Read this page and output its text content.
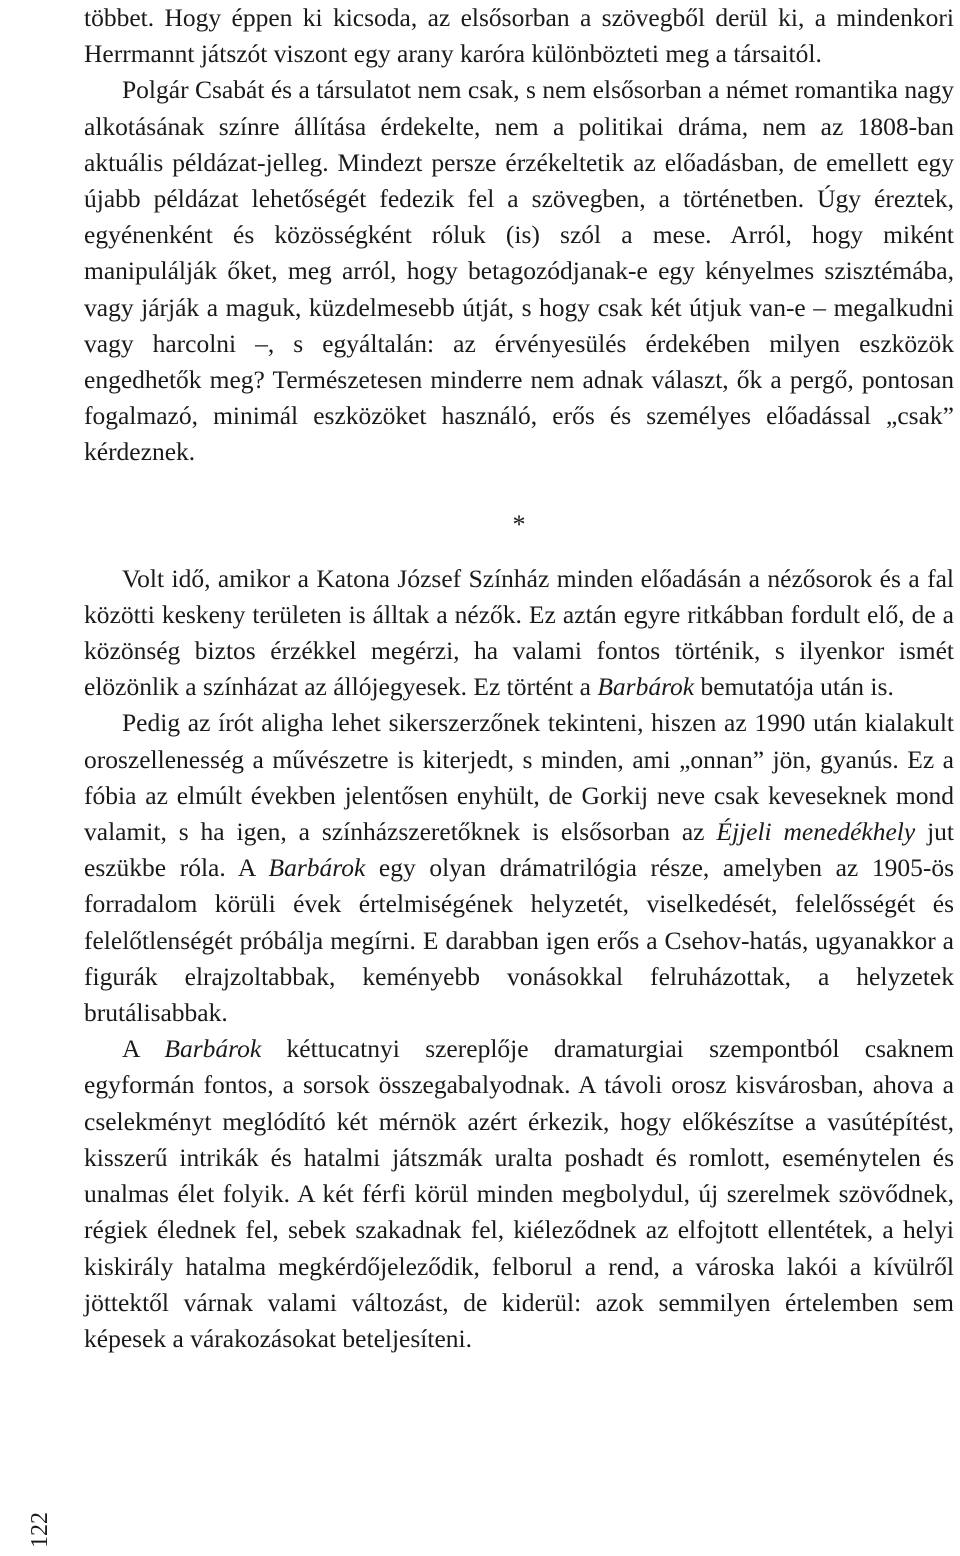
többet. Hogy éppen ki kicsoda, az elsősorban a szövegből derül ki, a mindenkori Herrmannt játszót viszont egy arany karóra különbözteti meg a társaitól.

Polgár Csabát és a társulatot nem csak, s nem elsősorban a német romantika nagy alkotásának színre állítása érdekelte, nem a politikai dráma, nem az 1808-ban aktuális példázat-jelleg. Mindezt persze érzékeltetik az előadásban, de emellett egy újabb példázat lehetőségét fedezik fel a szövegben, a történetben. Úgy éreztek, egyénenként és közösségként róluk (is) szól a mese. Arról, hogy miként manipulálják őket, meg arról, hogy betagozódjanak-e egy kényelmes szisztémába, vagy járják a maguk, küzdelmesebb útját, s hogy csak két útjuk van-e – megalkudni vagy harcolni –, s egyáltalán: az érvényesülés érdekében milyen eszközök engedhetők meg? Természetesen minderre nem adnak választ, ők a pergő, pontosan fogalmazó, minimál eszközöket használó, erős és személyes előadással „csak” kérdeznek.

*

Volt idő, amikor a Katona József Színház minden előadásán a nézősorok és a fal közötti keskeny területen is álltak a nézők. Ez aztán egyre ritkábban fordult elő, de a közönség biztos érzékkel megérzi, ha valami fontos történik, s ilyenkor ismét elözönlik a színházat az állójegyesek. Ez történt a Barbárok bemutatója után is.

Pedig az írót aligha lehet sikerszerzőnek tekinteni, hiszen az 1990 után kialakult oroszellenesség a művészetre is kiterjedt, s minden, ami „onnan” jön, gyanús. Ez a fóbia az elmúlt években jelentősen enyhült, de Gorkij neve csak keveseknek mond valamit, s ha igen, a színházszeretőknek is elsősorban az Éjjeli menedékhely jut eszükbe róla. A Barbárok egy olyan drámatrilógia része, amelyben az 1905-ös forradalom körüli évek értelmiségének helyzetét, viselkedését, felelősségét és felelőtlenségét próbálja megírni. E darabban igen erős a Csehov-hatás, ugyanakkor a figurák elrajzoltabbak, keményebb vonásokkal felruházottak, a helyzetek brutálisabbak.

A Barbárok kéttucatnyi szereplője dramaturgiai szempontból csaknem egyformán fontos, a sorsok összegabalyodnak. A távoli orosz kisvárosban, ahova a cselekményt meglódító két mérnök azért érkezik, hogy előkészítse a vasútépítést, kisszerű intrikák és hatalmi játszmák uralta poshadt és romlott, eseménytelen és unalmas élet folyik. A két férfi körül minden megbolydul, új szerelmek szövődnek, régiek élednek fel, sebek szakadnak fel, kiéleződnek az elfojtott ellentétek, a helyi kiskirály hatalma megkérdőjeleződik, felborul a rend, a városka lakói a kívülről jöttektől várnak valami változást, de kiderül: azok semmilyen értelemben sem képesek a várakozásokat beteljesíteni.

122
